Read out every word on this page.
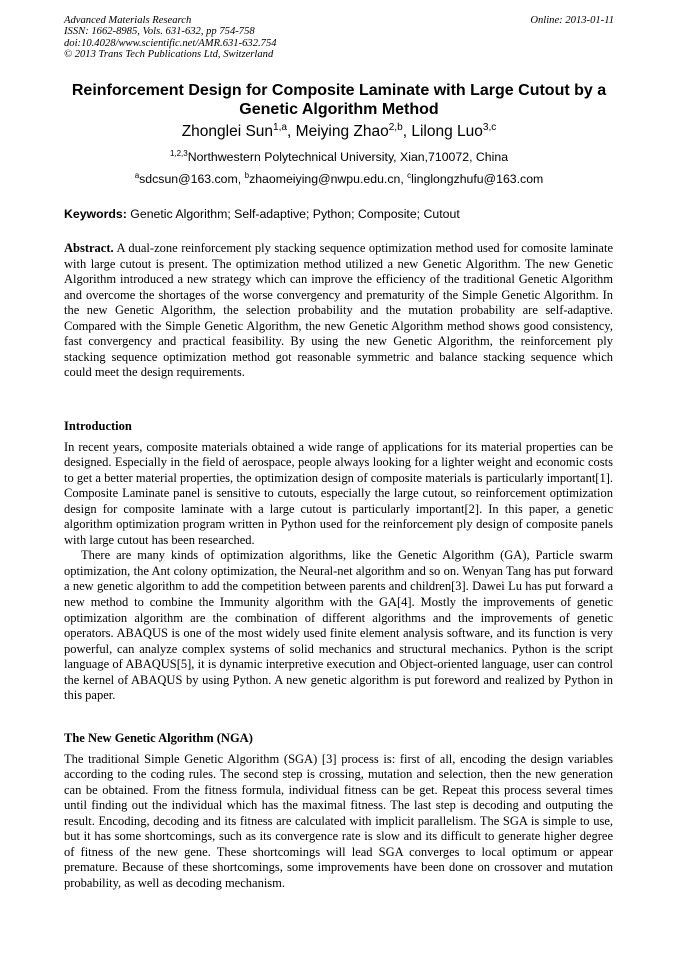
Advanced Materials Research
ISSN: 1662-8985, Vols. 631-632, pp 754-758
doi:10.4028/www.scientific.net/AMR.631-632.754
© 2013 Trans Tech Publications Ltd, Switzerland
Online: 2013-01-11
Reinforcement Design for Composite Laminate with Large Cutout by a Genetic Algorithm Method
Zhonglei Sun$^{1,a}$, Meiying Zhao$^{2,b}$, Lilong Luo$^{3,c}$
$^{1,2,3}$Northwestern Polytechnical University, Xian,710072, China
$^a$sdcsun@163.com, $^b$zhaomeiying@nwpu.edu.cn, $^c$linglongzhufu@163.com
Keywords: Genetic Algorithm; Self-adaptive; Python; Composite; Cutout

Abstract. A dual-zone reinforcement ply stacking sequence optimization method used for comosite laminate with large cutout is present. The optimization method utilized a new Genetic Algorithm. The new Genetic Algorithm introduced a new strategy which can improve the efficiency of the traditional Genetic Algorithm and overcome the shortages of the worse convergency and prematurity of the Simple Genetic Algorithm. In the new Genetic Algorithm, the selection probability and the mutation probability are self-adaptive. Compared with the Simple Genetic Algorithm, the new Genetic Algorithm method shows good consistency, fast convergency and practical feasibility. By using the new Genetic Algorithm, the reinforcement ply stacking sequence optimization method got reasonable symmetric and balance stacking sequence which could meet the design requirements.

Introduction

In recent years, composite materials obtained a wide range of applications for its material properties can be designed. Especially in the field of aerospace, people always looking for a lighter weight and economic costs to get a better material properties, the optimization design of composite materials is particularly important[1]. Composite Laminate panel is sensitive to cutouts, especially the large cutout, so reinforcement optimization design for composite laminate with a large cutout is particularly important[2]. In this paper, a genetic algorithm optimization program written in Python used for the reinforcement ply design of composite panels with large cutout has been researched.

There are many kinds of optimization algorithms, like the Genetic Algorithm (GA), Particle swarm optimization, the Ant colony optimization, the Neural-net algorithm and so on. Wenyan Tang has put forward a new genetic algorithm to add the competition between parents and children[3]. Dawei Lu has put forward a new method to combine the Immunity algorithm with the GA[4]. Mostly the improvements of genetic optimization algorithm are the combination of different algorithms and the improvements of genetic operators. ABAQUS is one of the most widely used finite element analysis software, and its function is very powerful, can analyze complex systems of solid mechanics and structural mechanics. Python is the script language of ABAQUS[5], it is dynamic interpretive execution and Object-oriented language, user can control the kernel of ABAQUS by using Python. A new genetic algorithm is put foreword and realized by Python in this paper.

The New Genetic Algorithm (NGA)

The traditional Simple Genetic Algorithm (SGA) [3] process is: first of all, encoding the design variables according to the coding rules. The second step is crossing, mutation and selection, then the new generation can be obtained. From the fitness formula, individual fitness can be get. Repeat this process several times until finding out the individual which has the maximal fitness. The last step is decoding and outputing the result. Encoding, decoding and its fitness are calculated with implicit parallelism. The SGA is simple to use, but it has some shortcomings, such as its convergence rate is slow and its difficult to generate higher degree of fitness of the new gene. These shortcomings will lead SGA converges to local optimum or appear premature. Because of these shortcomings, some improvements have been done on crossover and mutation probability, as well as decoding mechanism.
